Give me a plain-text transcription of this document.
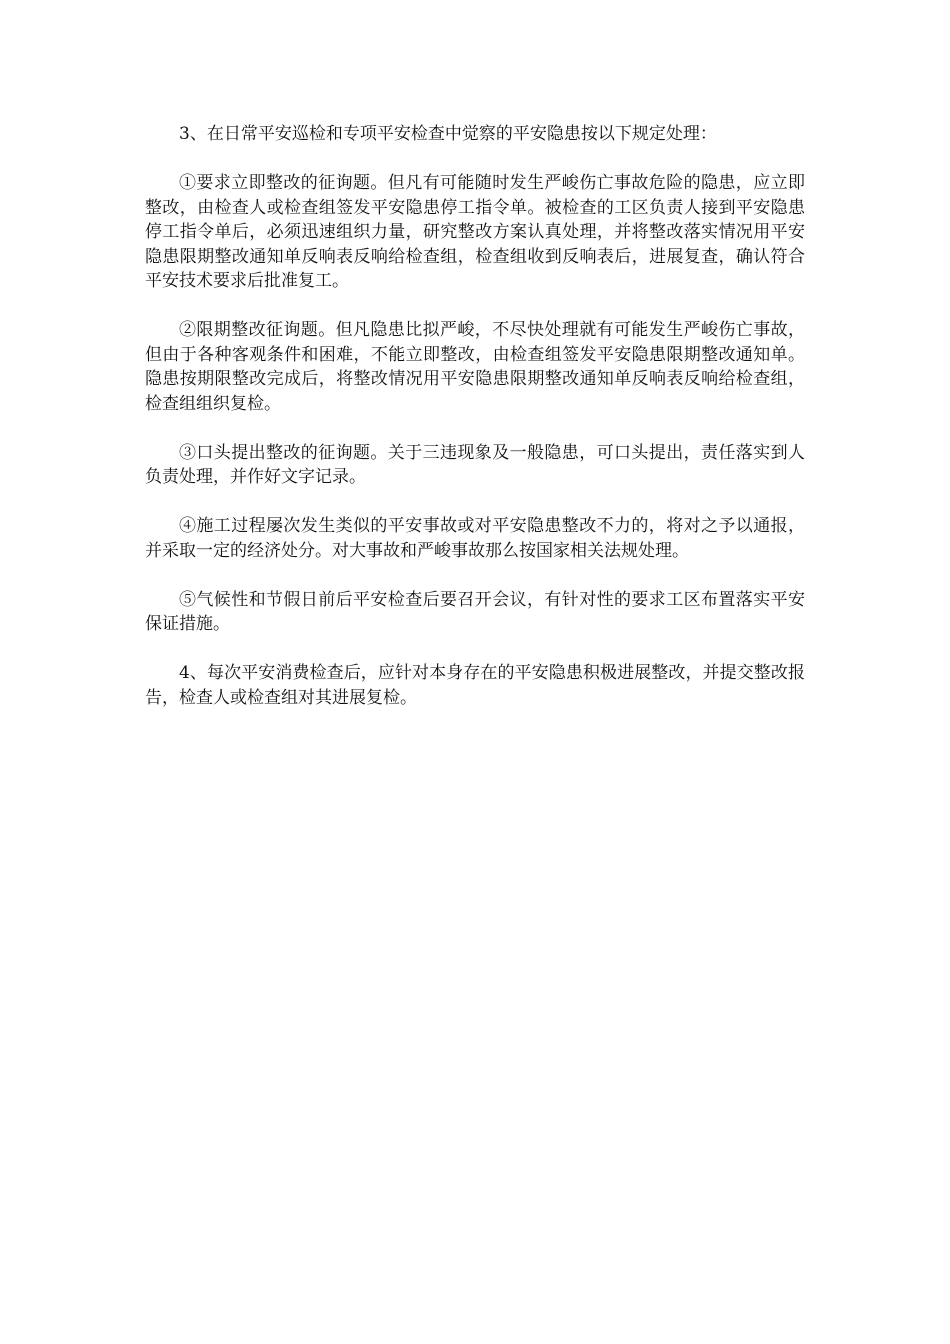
3、在日常平安巡检和专项平安检查中觉察的平安隐患按以下规定处理：

①要求立即整改的征询题。但凡有可能随时发生严峻伤亡事故危险的隐患，应立即整改，由检查人或检查组签发平安隐患停工指令单。被检查的工区负责人接到平安隐患停工指令单后，必须迅速组织力量，研究整改方案认真处理，并将整改落实情况用平安隐患限期整改通知单反响表反响给检查组，检查组收到反响表后，进展复查，确认符合平安技术要求后批准复工。

②限期整改征询题。但凡隐患比拟严峻，不尽快处理就有可能发生严峻伤亡事故，但由于各种客观条件和困难，不能立即整改，由检查组签发平安隐患限期整改通知单。隐患按期限整改完成后，将整改情况用平安隐患限期整改通知单反响表反响给检查组，检查组组织复检。

③口头提出整改的征询题。关于三违现象及一般隐患，可口头提出，责任落实到人负责处理，并作好文字记录。

④施工过程屡次发生类似的平安事故或对平安隐患整改不力的，将对之予以通报，并采取一定的经济处分。对大事故和严峻事故那么按国家相关法规处理。

⑤气候性和节假日前后平安检查后要召开会议，有针对性的要求工区布置落实平安保证措施。

4、每次平安消费检查后，应针对本身存在的平安隐患积极进展整改，并提交整改报告，检查人或检查组对其进展复检。
